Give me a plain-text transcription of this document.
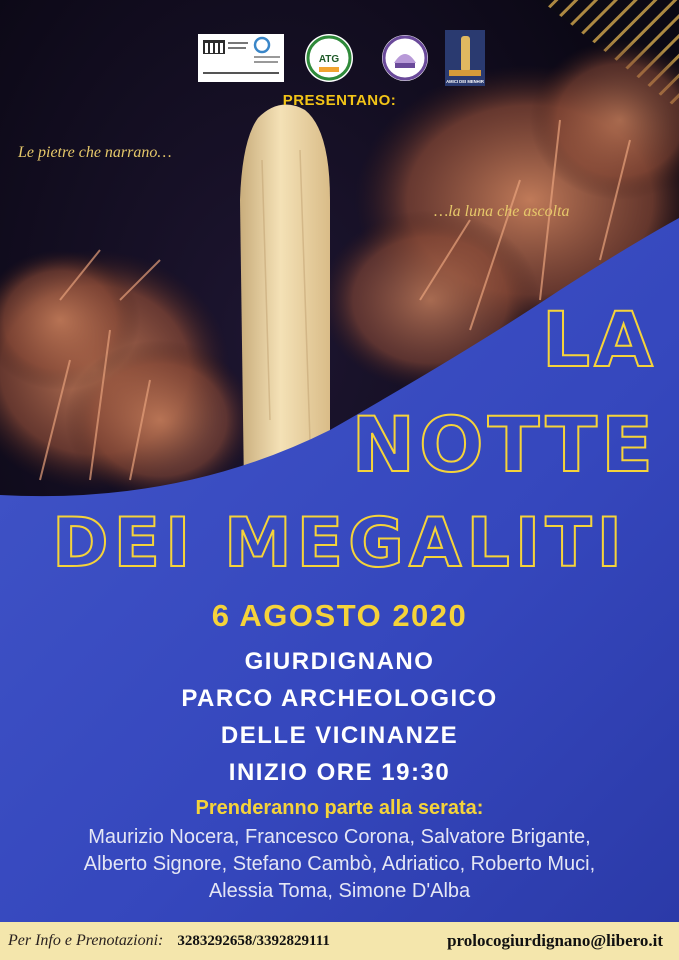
ATG
AMICI DEI MENHIR
PRESENTANO:
Le pietre che narrano…
…la luna che ascolta
LA
NOTTE
DEI MEGALITI
6 AGOSTO 2020
GIURDIGNANO
PARCO ARCHEOLOGICO
DELLE VICINANZE
INIZIO ORE 19:30
Prenderanno parte alla serata:
Maurizio Nocera, Francesco Corona, Salvatore Brigante,
Alberto Signore, Stefano Cambò, Adriatico, Roberto Muci,
Alessia Toma, Simone D'Alba
Per Info e Prenotazioni: 3283292658/3392829111	prolocogiurdignano@libero.it
